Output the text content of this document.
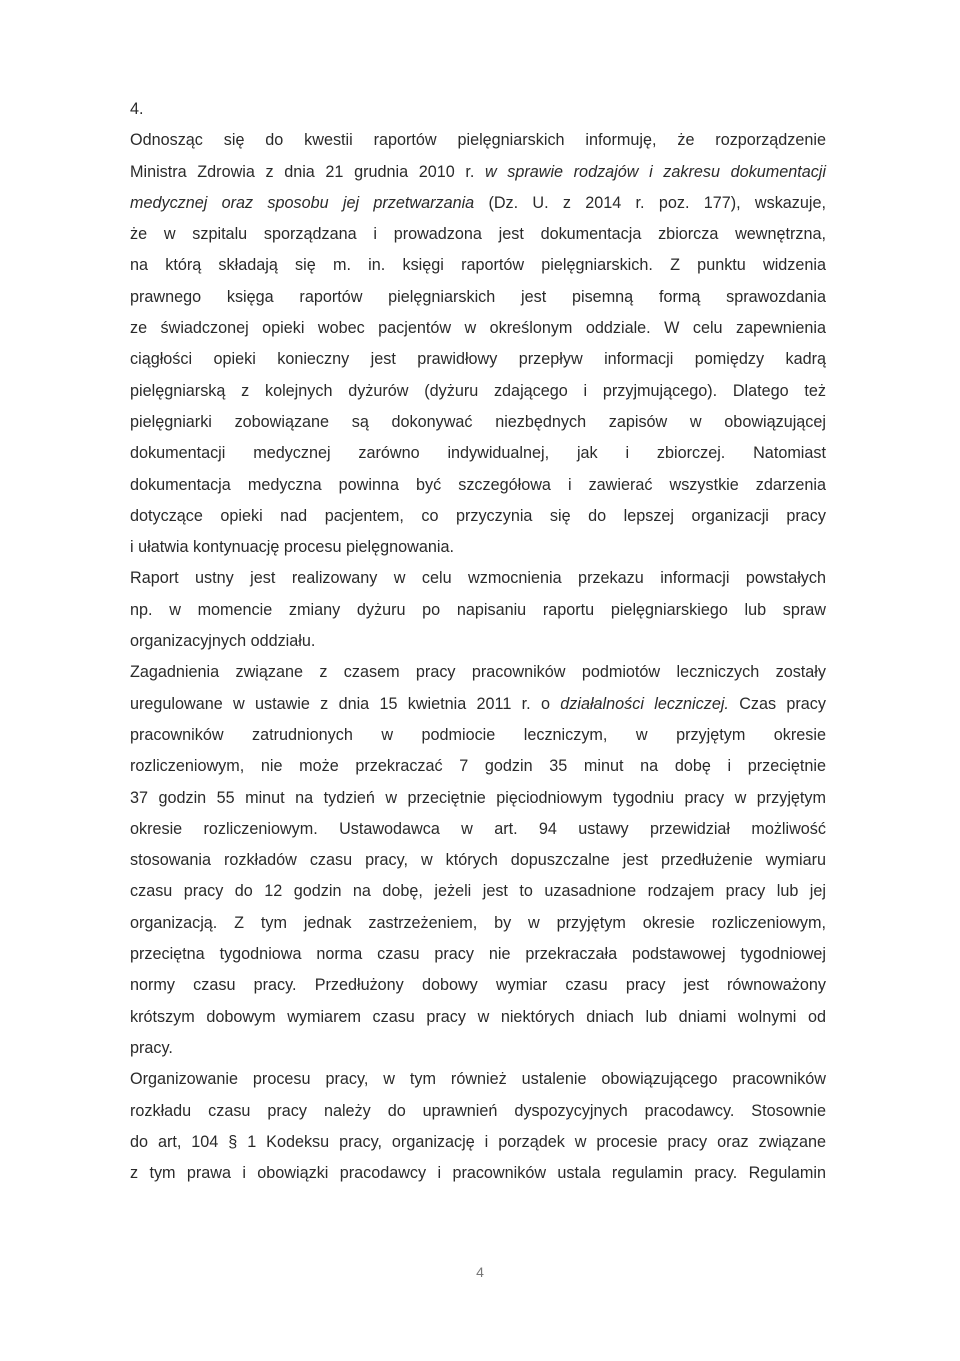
4.
Odnosząc się do kwestii raportów pielęgniarskich informuję, że rozporządzenie
Ministra Zdrowia z dnia 21 grudnia 2010 r. w sprawie rodzajów i zakresu dokumentacji
medycznej oraz sposobu jej przetwarzania (Dz. U. z 2014 r. poz. 177), wskazuje,
że w szpitalu sporządzana i prowadzona jest dokumentacja zbiorcza wewnętrzna,
na którą składają się m. in. księgi raportów pielęgniarskich. Z punktu widzenia
prawnego księga raportów pielęgniarskich jest pisemną formą sprawozdania
ze świadczonej opieki wobec pacjentów w określonym oddziale. W celu zapewnienia
ciągłości opieki konieczny jest prawidłowy przepływ informacji pomiędzy kadrą
pielęgniarską z kolejnych dyżurów (dyżuru zdającego i przyjmującego). Dlatego też
pielęgniarki zobowiązane są dokonywać niezbędnych zapisów w obowiązującej
dokumentacji medycznej zarówno indywidualnej, jak i zbiorczej. Natomiast
dokumentacja medyczna powinna być szczegółowa i zawierać wszystkie zdarzenia
dotyczące opieki nad pacjentem, co przyczynia się do lepszej organizacji pracy
i ułatwia kontynuację procesu pielęgnowania.
Raport ustny jest realizowany w celu wzmocnienia przekazu informacji powstałych
np. w momencie zmiany dyżuru po napisaniu raportu pielęgniarskiego lub spraw
organizacyjnych oddziału.
Zagadnienia związane z czasem pracy pracowników podmiotów leczniczych zostały
uregulowane w ustawie z dnia 15 kwietnia 2011 r. o działalności leczniczej. Czas pracy
pracowników zatrudnionych w podmiocie leczniczym, w przyjętym okresie
rozliczeniowym, nie może przekraczać 7 godzin 35 minut na dobę i przeciętnie
37 godzin 55 minut na tydzień w przeciętnie pięciodniowym tygodniu pracy w przyjętym
okresie rozliczeniowym. Ustawodawca w art. 94 ustawy przewidział możliwość
stosowania rozkładów czasu pracy, w których dopuszczalne jest przedłużenie wymiaru
czasu pracy do 12 godzin na dobę, jeżeli jest to uzasadnione rodzajem pracy lub jej
organizacją. Z tym jednak zastrzeżeniem, by w przyjętym okresie rozliczeniowym,
przeciętna tygodniowa norma czasu pracy nie przekraczała podstawowej tygodniowej
normy czasu pracy. Przedłużony dobowy wymiar czasu pracy jest równoważony
krótszym dobowym wymiarem czasu pracy w niektórych dniach lub dniami wolnymi od
pracy.
Organizowanie procesu pracy, w tym również ustalenie obowiązującego pracowników
rozkładu czasu pracy należy do uprawnień dyspozycyjnych pracodawcy. Stosownie
do art, 104 § 1 Kodeksu pracy, organizację i porządek w procesie pracy oraz związane
z tym prawa i obowiązki pracodawcy i pracowników ustala regulamin pracy. Regulamin
4
